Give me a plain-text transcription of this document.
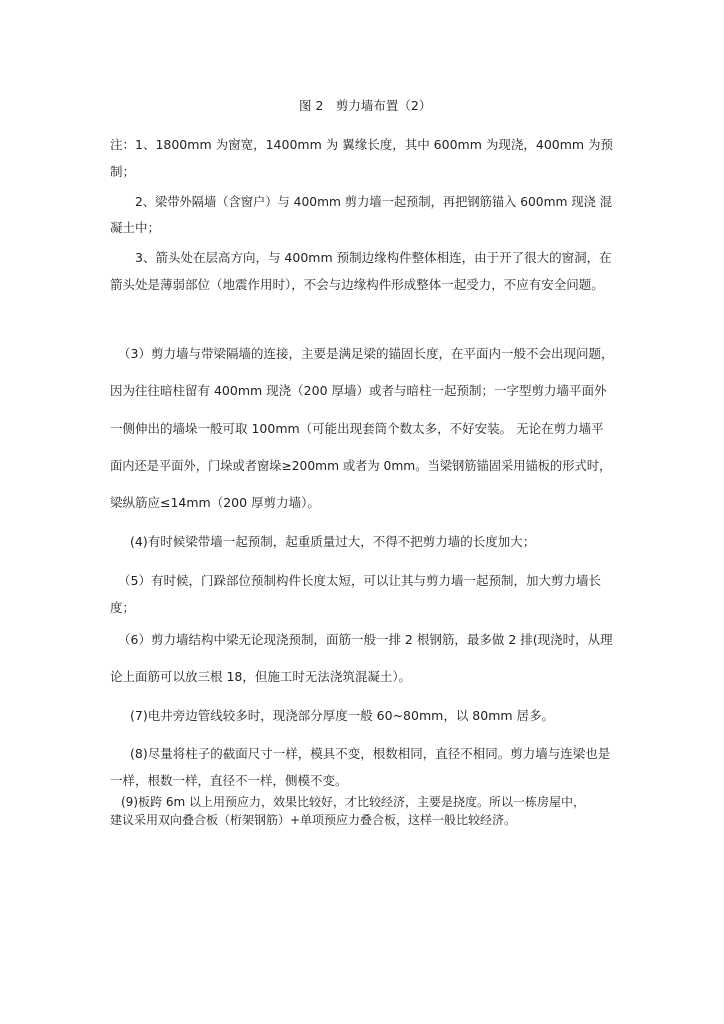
图 2　剪力墙布置（2）
注：1、1800mm 为窗宽，1400mm 为 翼缘长度，其中 600mm 为现浇，400mm 为预
制；
2、梁带外隔墙（含窗户）与 400mm 剪力墙一起预制，再把钢筋锚入 600mm 现浇 混
凝土中；
3、箭头处在层高方向，与 400mm 预制边缘构件整体相连，由于开了很大的窗洞，在
箭头处是薄弱部位（地震作用时），不会与边缘构件形成整体一起受力，不应有安全问题。
（3）剪力墙与带梁隔墙的连接，主要是满足梁的锚固长度，在平面内一般不会出现问题，
因为往往暗柱留有 400mm 现浇（200 厚墙）或者与暗柱一起预制；一字型剪力墙平面外
一侧伸出的墙垛一般可取 100mm（可能出现套筒个数太多，不好安装。 无论在剪力墙平
面内还是平面外，门垛或者窗垛≥200mm 或者为 0mm。当梁钢筋锚固采用锚板的形式时，
梁纵筋应≤14mm（200 厚剪力墙）。
(4)有时候梁带墙一起预制，起重质量过大，不得不把剪力墙的长度加大；
（5）有时候，门跺部位预制构件长度太短，可以让其与剪力墙一起预制，加大剪力墙长
度；
（6）剪力墙结构中梁无论现浇预制，面筋一般一排 2 根钢筋，最多做 2 排(现浇时，从理
论上面筋可以放三根 18，但施工时无法浇筑混凝土）。
(7)电井旁边管线较多时，现浇部分厚度一般 60~80mm，以 80mm 居多。
(8)尽量将柱子的截面尺寸一样，模具不变，根数相同，直径不相同。剪力墙与连梁也是
一样，根数一样，直径不一样，侧模不变。
(9)板跨 6m 以上用预应力，效果比较好，才比较经济，主要是挠度。所以一栋房屋中，
建议采用双向叠合板（桁架钢筋）+单项预应力叠合板，这样一般比较经济。
